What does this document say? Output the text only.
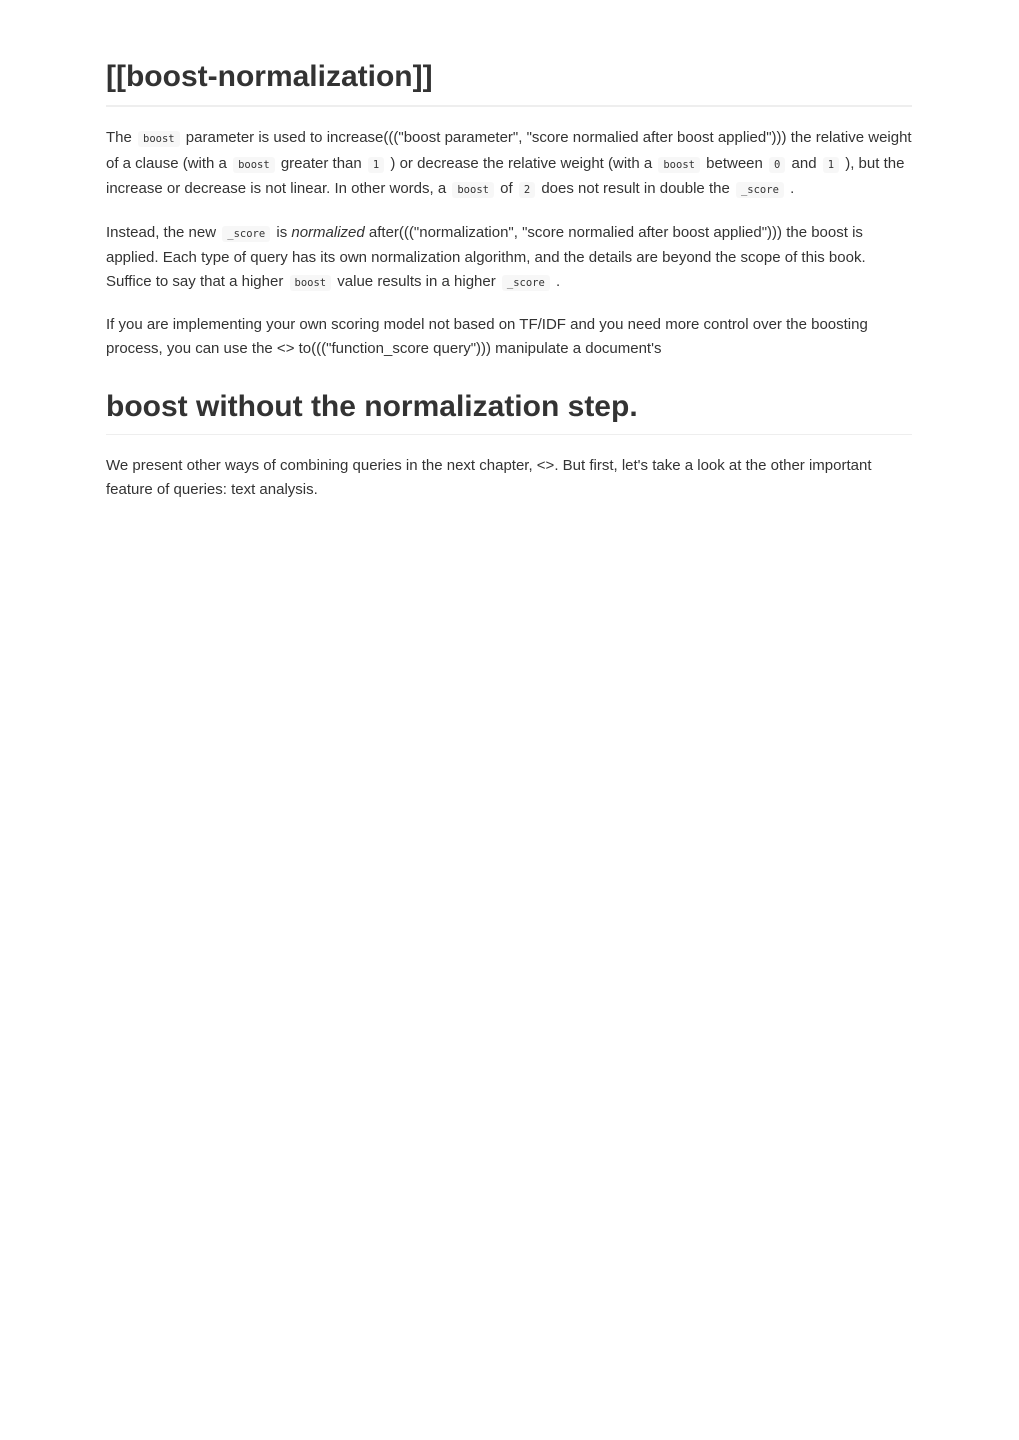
[[boost-normalization]]

The boost parameter is used to increase((("boost parameter", "score normalied after boost applied"))) the relative weight of a clause (with a boost greater than 1 ) or decrease the relative weight (with a boost between 0 and 1 ), but the increase or decrease is not linear. In other words, a boost of 2 does not result in double the _score .

Instead, the new _score is normalized after((("normalization", "score normalied after boost applied"))) the boost is applied. Each type of query has its own normalization algorithm, and the details are beyond the scope of this book. Suffice to say that a higher boost value results in a higher _score .

If you are implementing your own scoring model not based on TF/IDF and you need more control over the boosting process, you can use the <> to((("function_score query"))) manipulate a document's

boost without the normalization step.

We present other ways of combining queries in the next chapter, <>. But first, let's take a look at the other important feature of queries: text analysis.
